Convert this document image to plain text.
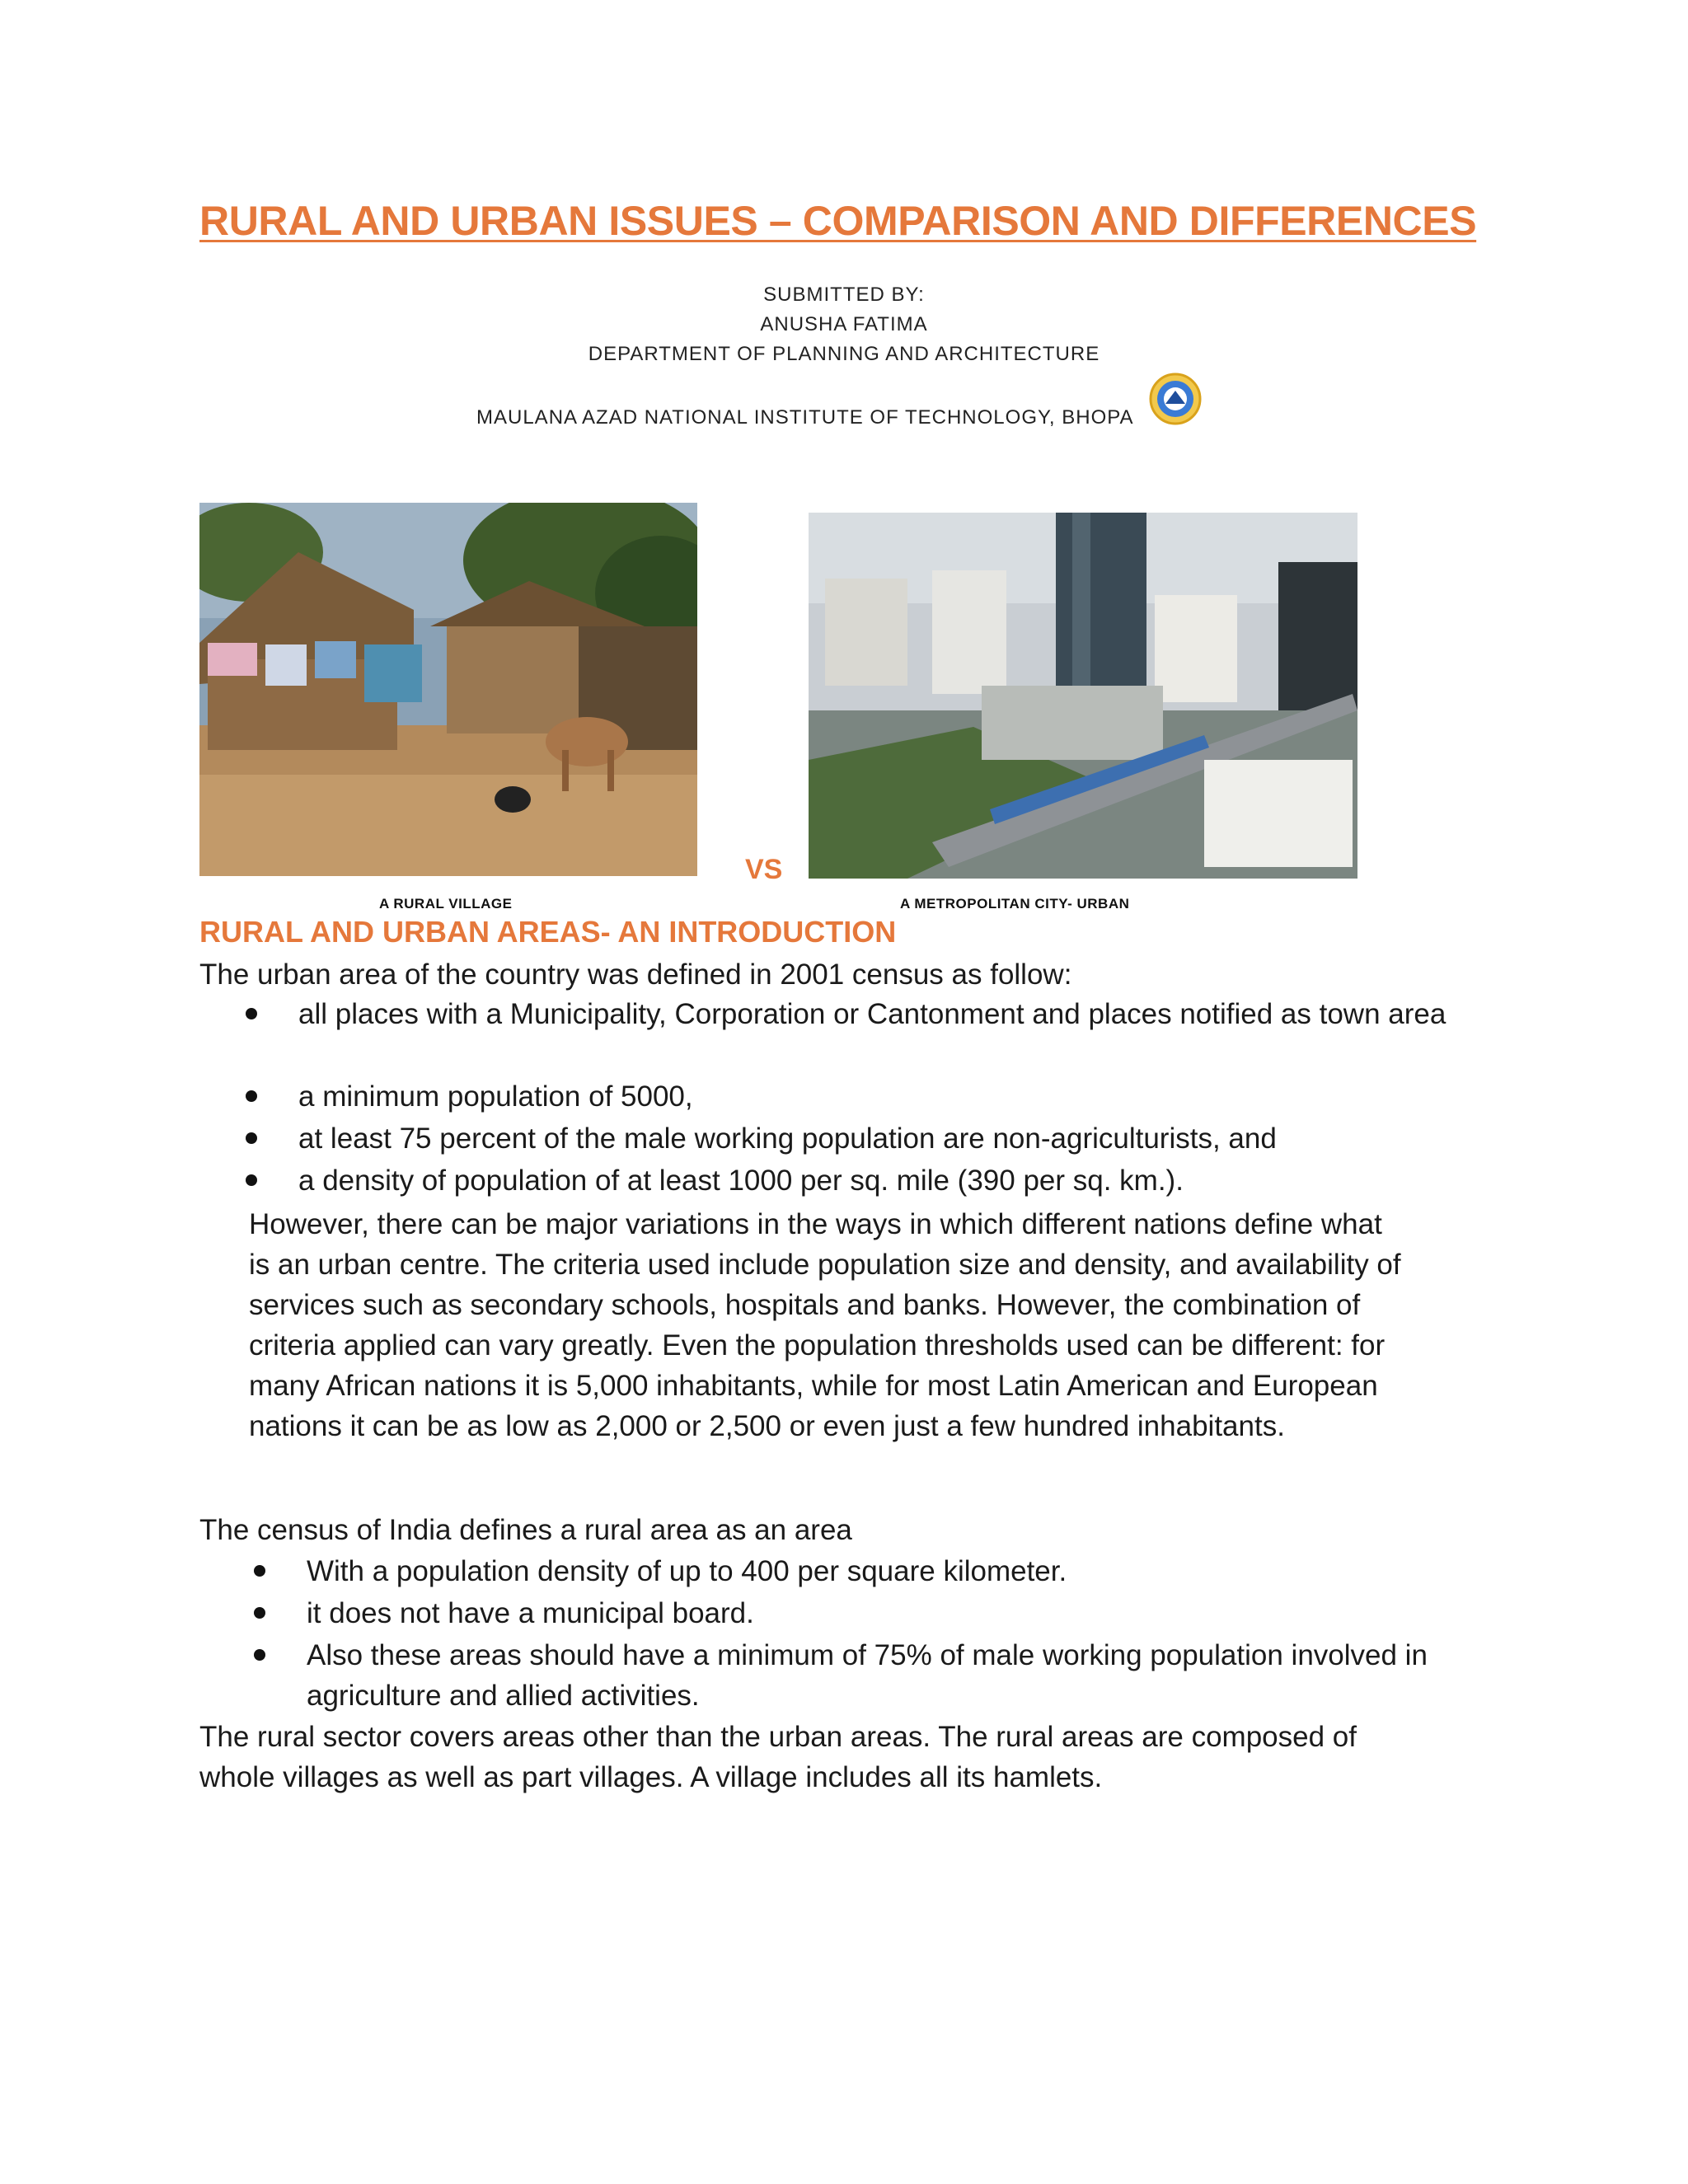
RURAL AND URBAN ISSUES – COMPARISON AND DIFFERENCES
SUBMITTED BY:
ANUSHA FATIMA
DEPARTMENT OF PLANNING AND ARCHITECTURE
MAULANA AZAD NATIONAL INSTITUTE OF TECHNOLOGY, BHOPA
VS
A RURAL VILLAGE	A METROPOLITAN CITY- URBAN
RURAL AND URBAN AREAS- AN INTRODUCTION
The urban area of the country was defined in 2001 census as follow:
all places with a Municipality, Corporation or Cantonment and places notified as town area
a minimum population of 5000,
at least 75 percent of the male working population are non-agriculturists, and
a density of population of at least 1000 per sq. mile (390 per sq. km.).
However, there can be major variations in the ways in which different nations define what
is an urban centre. The criteria used include population size and density, and availability of
services such as secondary schools, hospitals and banks. However, the combination of
criteria applied can vary greatly. Even the population thresholds used can be different: for
many African nations it is 5,000 inhabitants, while for most Latin American and European
nations it can be as low as 2,000 or 2,500 or even just a few hundred inhabitants.
The census of India defines a rural area as an area
With a population density of up to 400 per square kilometer.
it does not have a municipal board.
Also these areas should have a minimum of 75% of male working population involved in agriculture and allied activities.
The rural sector covers areas other than the urban areas. The rural areas are composed of
whole villages as well as part villages. A village includes all its hamlets.
